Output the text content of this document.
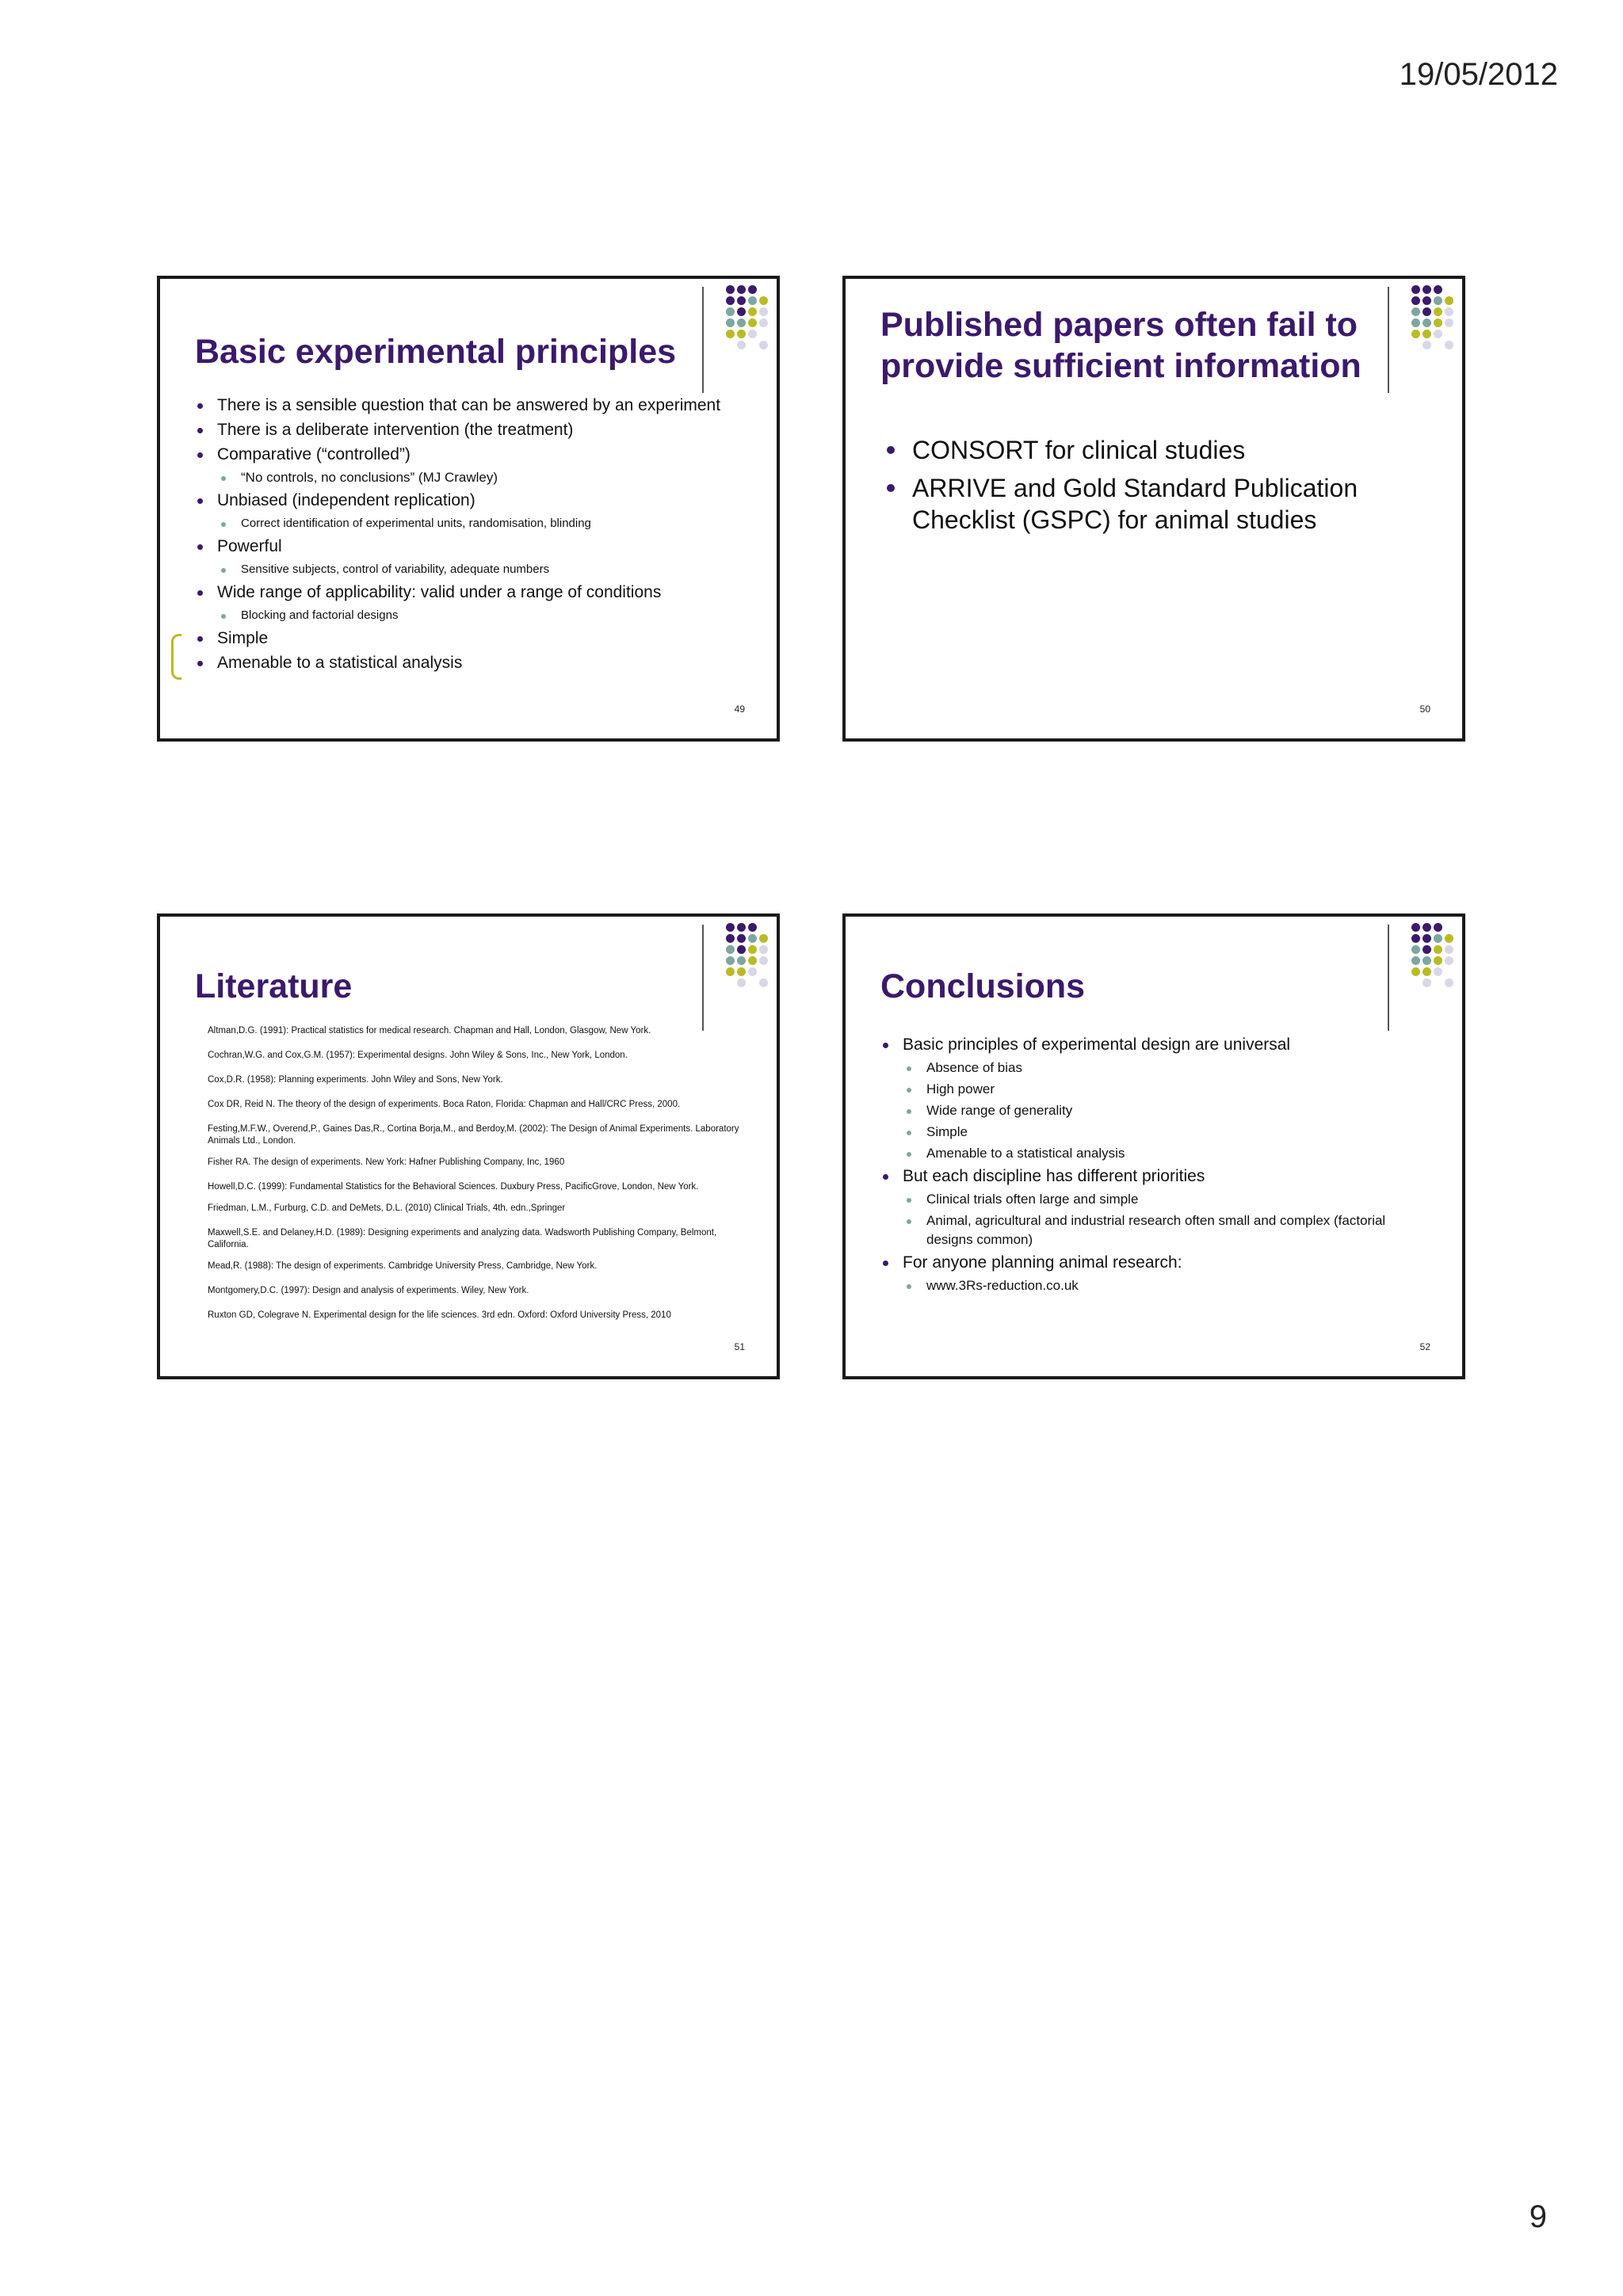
19/05/2012
Basic experimental principles
There is a sensible question that can be answered by an experiment
There is a deliberate intervention (the treatment)
Comparative (“controlled”)
“No controls, no conclusions” (MJ Crawley)
Unbiased (independent replication)
Correct identification of experimental units, randomisation, blinding
Powerful
Sensitive subjects, control of variability, adequate numbers
Wide range of applicability: valid under a range of conditions
Blocking and factorial designs
Simple
Amenable to a statistical analysis
49
Published papers often fail to
provide sufficient information
CONSORT for clinical studies
ARRIVE and Gold Standard Publication Checklist (GSPC) for animal studies
50
Literature
Altman,D.G. (1991): Practical statistics for medical research. Chapman and Hall, London, Glasgow, New York.
Cochran,W.G. and Cox,G.M. (1957): Experimental designs. John Wiley & Sons, Inc., New York, London.
Cox,D.R. (1958): Planning experiments. John Wiley and Sons, New York.
Cox DR, Reid N. The theory of the design of experiments. Boca Raton, Florida: Chapman and Hall/CRC Press, 2000.
Festing,M.F.W., Overend,P., Gaines Das,R., Cortina Borja,M., and Berdoy,M. (2002): The Design of Animal Experiments. Laboratory Animals Ltd., London.
Fisher RA. The design of experiments. New York: Hafner Publishing Company, Inc, 1960
Howell,D.C. (1999): Fundamental Statistics for the Behavioral Sciences. Duxbury Press, PacificGrove, London, New York.
Friedman, L.M., Furburg, C.D. and DeMets, D.L. (2010) Clinical Trials, 4th. edn.,Springer
Maxwell,S.E. and Delaney,H.D. (1989): Designing experiments and analyzing data. Wadsworth Publishing Company, Belmont, California.
Mead,R. (1988): The design of experiments. Cambridge University Press, Cambridge, New York.
Montgomery,D.C. (1997): Design and analysis of experiments. Wiley, New York.
Ruxton GD, Colegrave N. Experimental design for the life sciences. 3rd edn. Oxford: Oxford University Press, 2010
51
Conclusions
Basic principles of experimental design are universal
Absence of bias
High power
Wide range of generality
Simple
Amenable to a statistical analysis
But each discipline has different priorities
Clinical trials often large and simple
Animal, agricultural and industrial research often small and complex (factorial designs common)
For anyone planning animal research:
www.3Rs-reduction.co.uk
52
9
